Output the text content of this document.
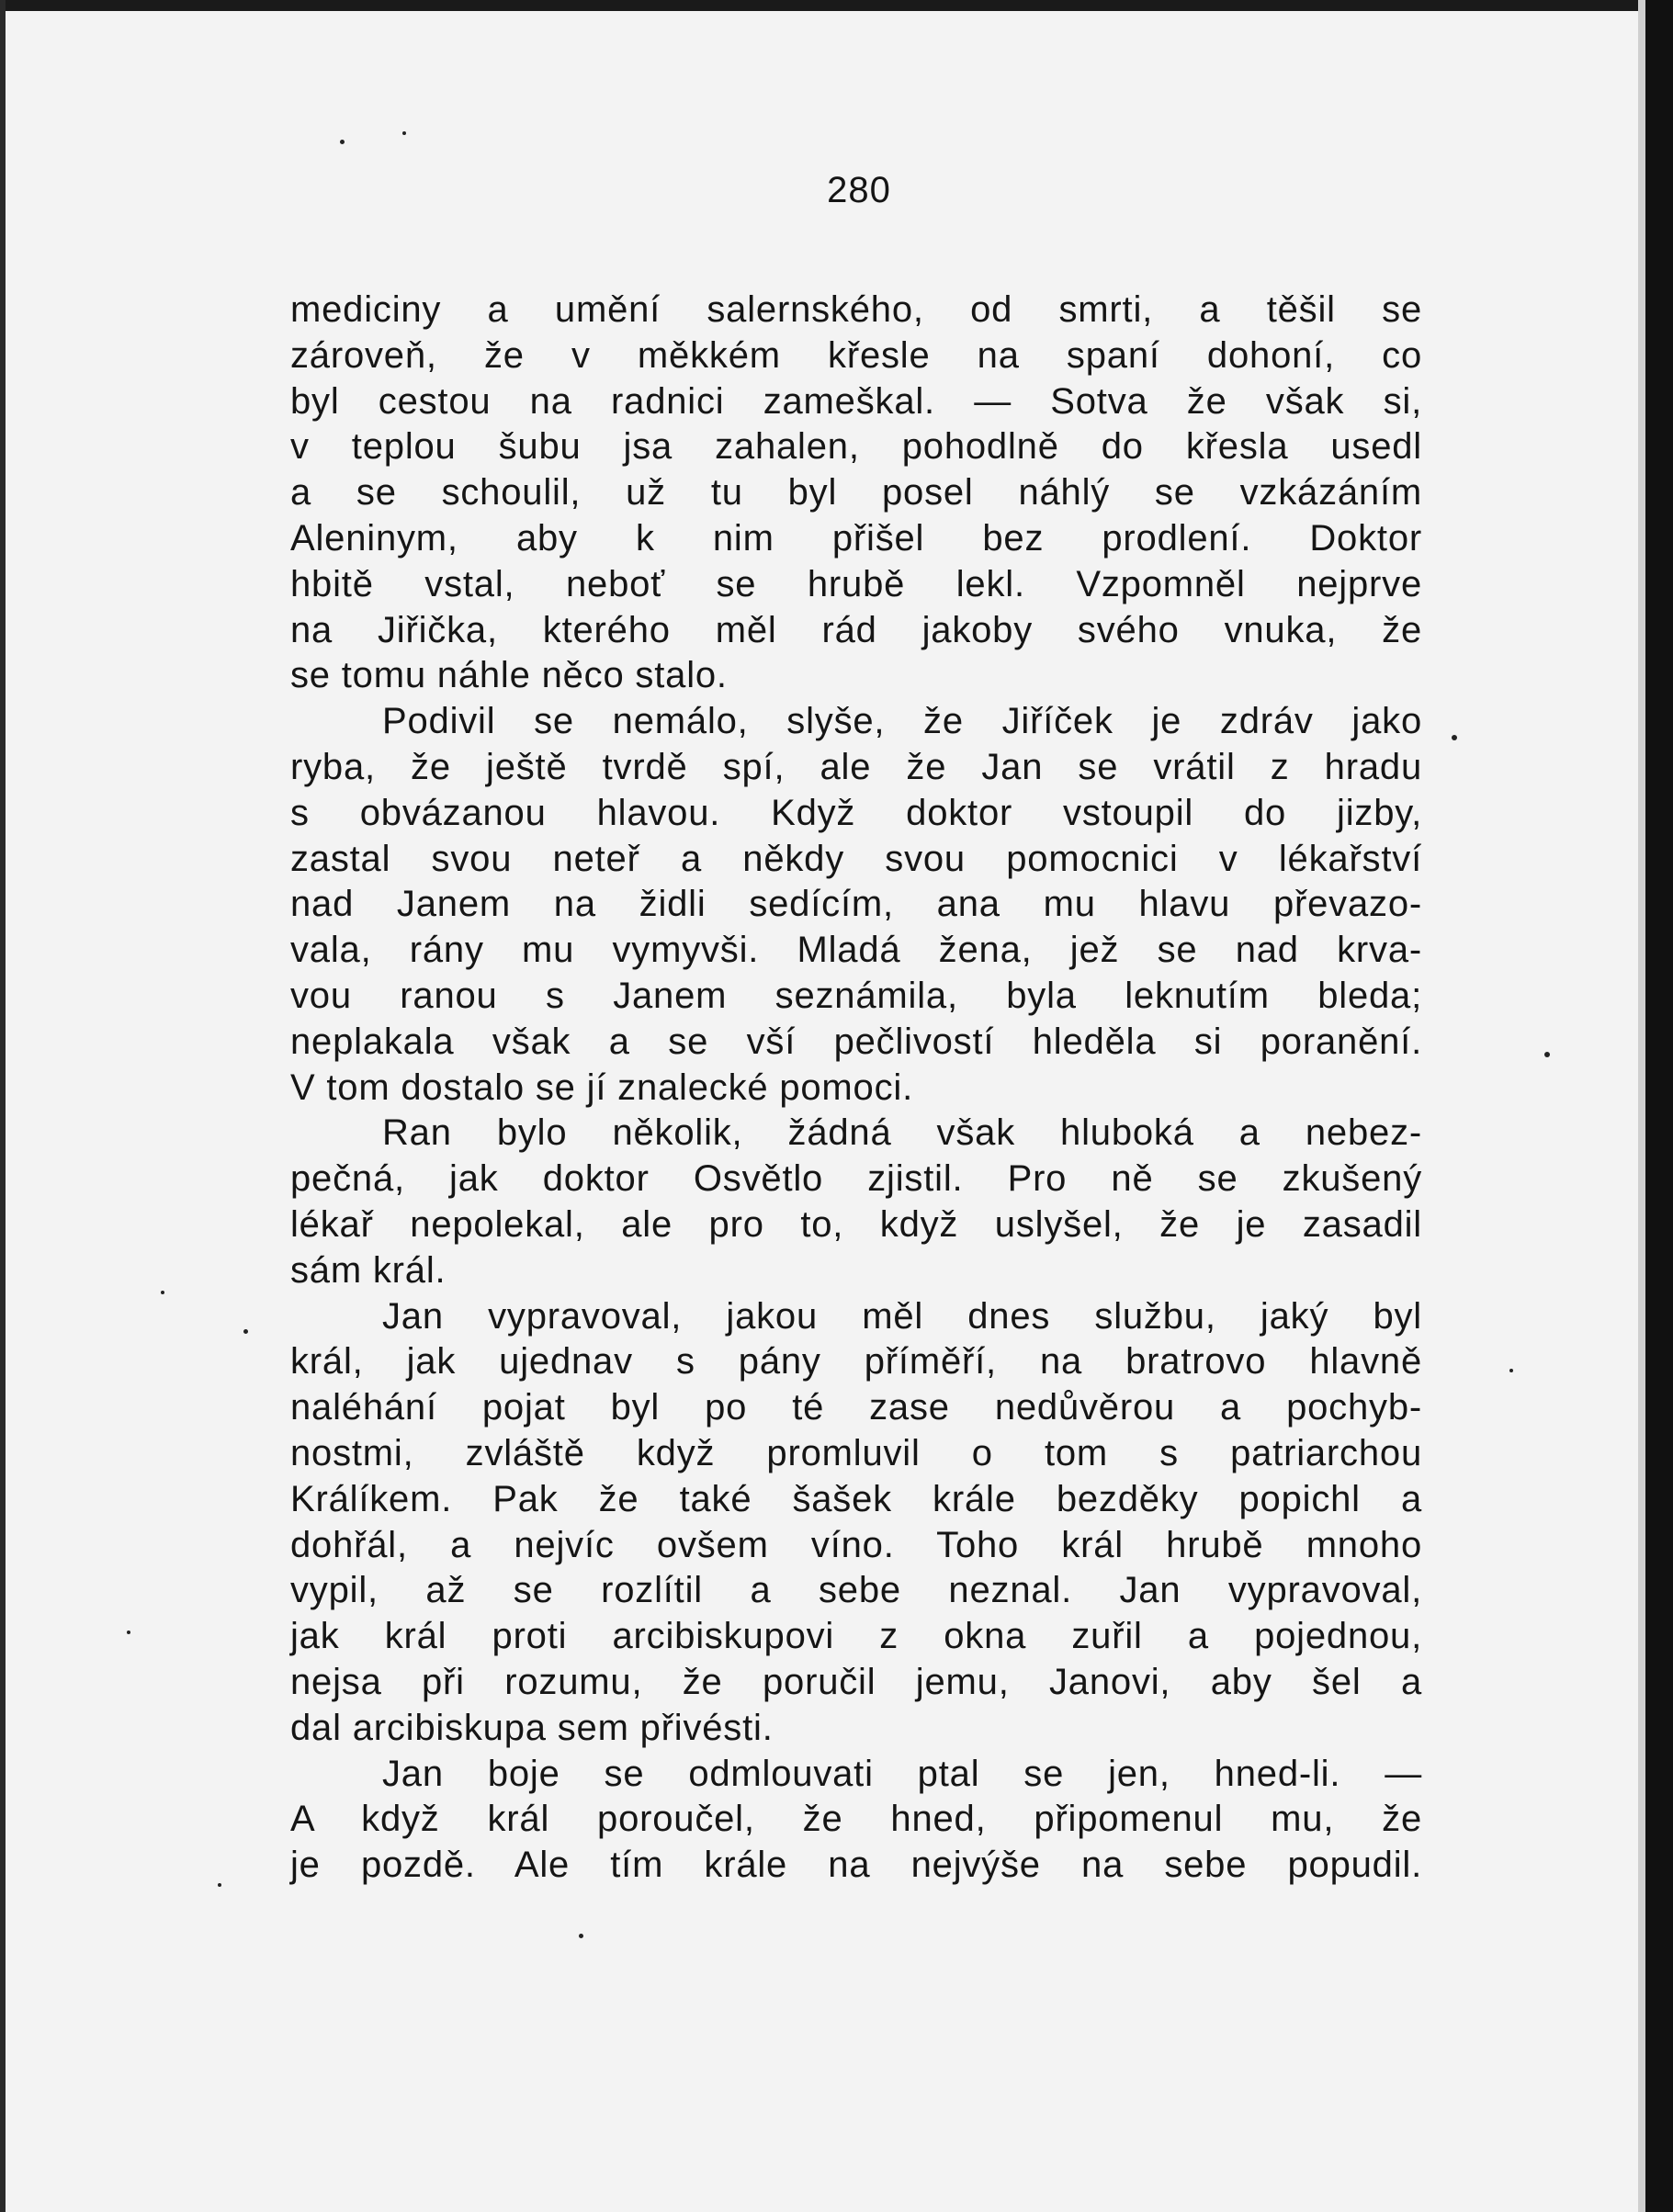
280
mediciny a umění salernského, od smrti, a těšil se
zároveň, že v měkkém křesle na spaní dohoní, co
byl cestou na radnici zameškal. — Sotva že však si,
v teplou šubu jsa zahalen, pohodlně do křesla usedl
a se schoulil, už tu byl posel náhlý se vzkázáním
Aleninym, aby k nim přišel bez prodlení. Doktor
hbitě vstal, neboť se hrubě lekl. Vzpomněl nejprve
na Jiřička, kterého měl rád jakoby svého vnuka, že
se tomu náhle něco stalo.
Podivil se nemálo, slyše, že Jiříček je zdráv jako
ryba, že ještě tvrdě spí, ale že Jan se vrátil z hradu
s obvázanou hlavou. Když doktor vstoupil do jizby,
zastal svou neteř a někdy svou pomocnici v lékařství
nad Janem na židli sedícím, ana mu hlavu převazo-
vala, rány mu vymyvši. Mladá žena, jež se nad krva-
vou ranou s Janem seznámila, byla leknutím bleda;
neplakala však a se vší pečlivostí hleděla si poranění.
V tom dostalo se jí znalecké pomoci.
Ran bylo několik, žádná však hluboká a nebez-
pečná, jak doktor Osvětlo zjistil. Pro ně se zkušený
lékař nepolekal, ale pro to, když uslyšel, že je zasadil
sám král.
Jan vypravoval, jakou měl dnes službu, jaký byl
král, jak ujednav s pány příměří, na bratrovo hlavně
naléhání pojat byl po té zase nedůvěrou a pochyb-
nostmi, zvláště když promluvil o tom s patriarchou
Králíkem. Pak že také šašek krále bezděky popichl a
dohřál, a nejvíc ovšem víno. Toho král hrubě mnoho
vypil, až se rozlítil a sebe neznal. Jan vypravoval,
jak král proti arcibiskupovi z okna zuřil a pojednou,
nejsa při rozumu, že poručil jemu, Janovi, aby šel a
dal arcibiskupa sem přivésti.
Jan boje se odmlouvati ptal se jen, hned-li. —
A když král poroučel, že hned, připomenul mu, že
je pozdě. Ale tím krále na nejvýše na sebe popudil.
